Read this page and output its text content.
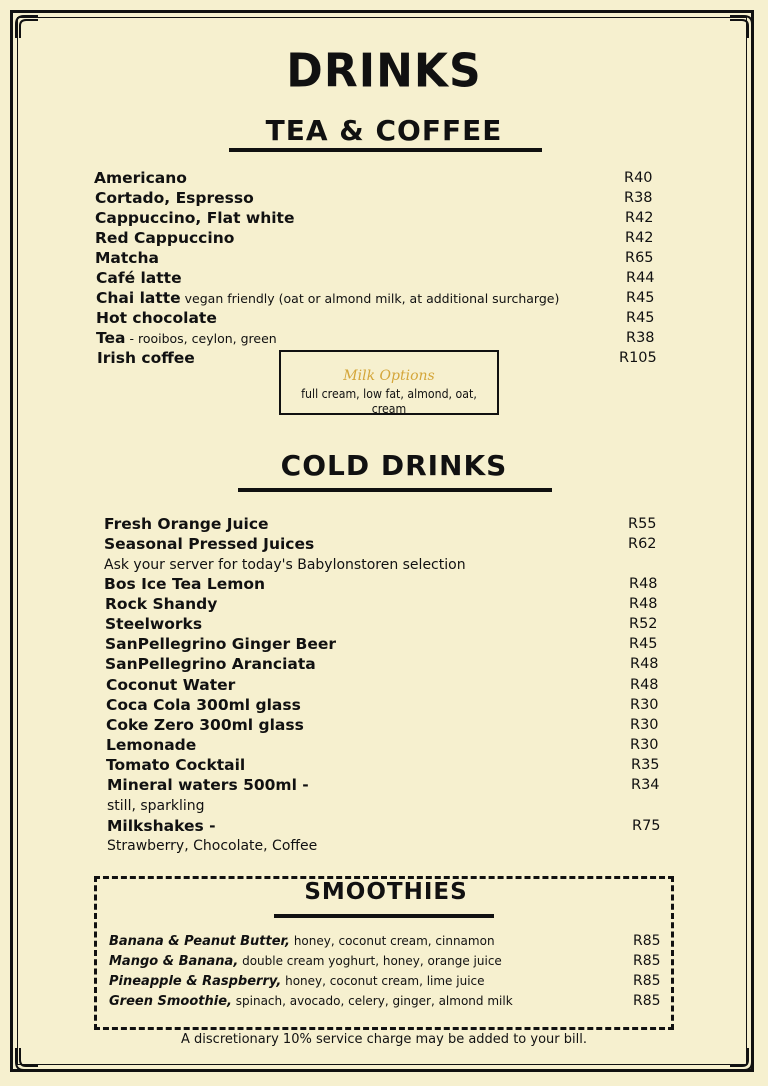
DRINKS
TEA & COFFEE
Americano	R40
Cortado, Espresso	R38
Cappuccino, Flat white	R42
Red Cappuccino	R42
Matcha	R65
Café latte	R44
Chai latte vegan friendly (oat or almond milk, at additional surcharge)	R45
Hot chocolate	R45
Tea - rooibos, ceylon, green	R38
Irish coffee	R105
Milk Options
full cream, low fat, almond, oat, cream
COLD DRINKS
Fresh Orange Juice	R55
Seasonal Pressed Juices	R62
Ask your server for today's Babylonstoren selection
Bos Ice Tea Lemon	R48
Rock Shandy	R48
Steelworks	R52
SanPellegrino Ginger Beer	R45
SanPellegrino Aranciata	R48
Coconut Water	R48
Coca Cola 300ml glass	R30
Coke Zero 300ml glass	R30
Lemonade	R30
Tomato Cocktail	R35
Mineral waters 500ml -	R34
still, sparkling
Milkshakes -	R75
Strawberry, Chocolate, Coffee
SMOOTHIES
Banana & Peanut Butter, honey, coconut cream, cinnamon	R85
Mango & Banana, double cream yoghurt, honey, orange juice	R85
Pineapple & Raspberry, honey, coconut cream, lime juice	R85
Green Smoothie, spinach, avocado, celery, ginger, almond milk	R85
A discretionary 10% service charge may be added to your bill.
